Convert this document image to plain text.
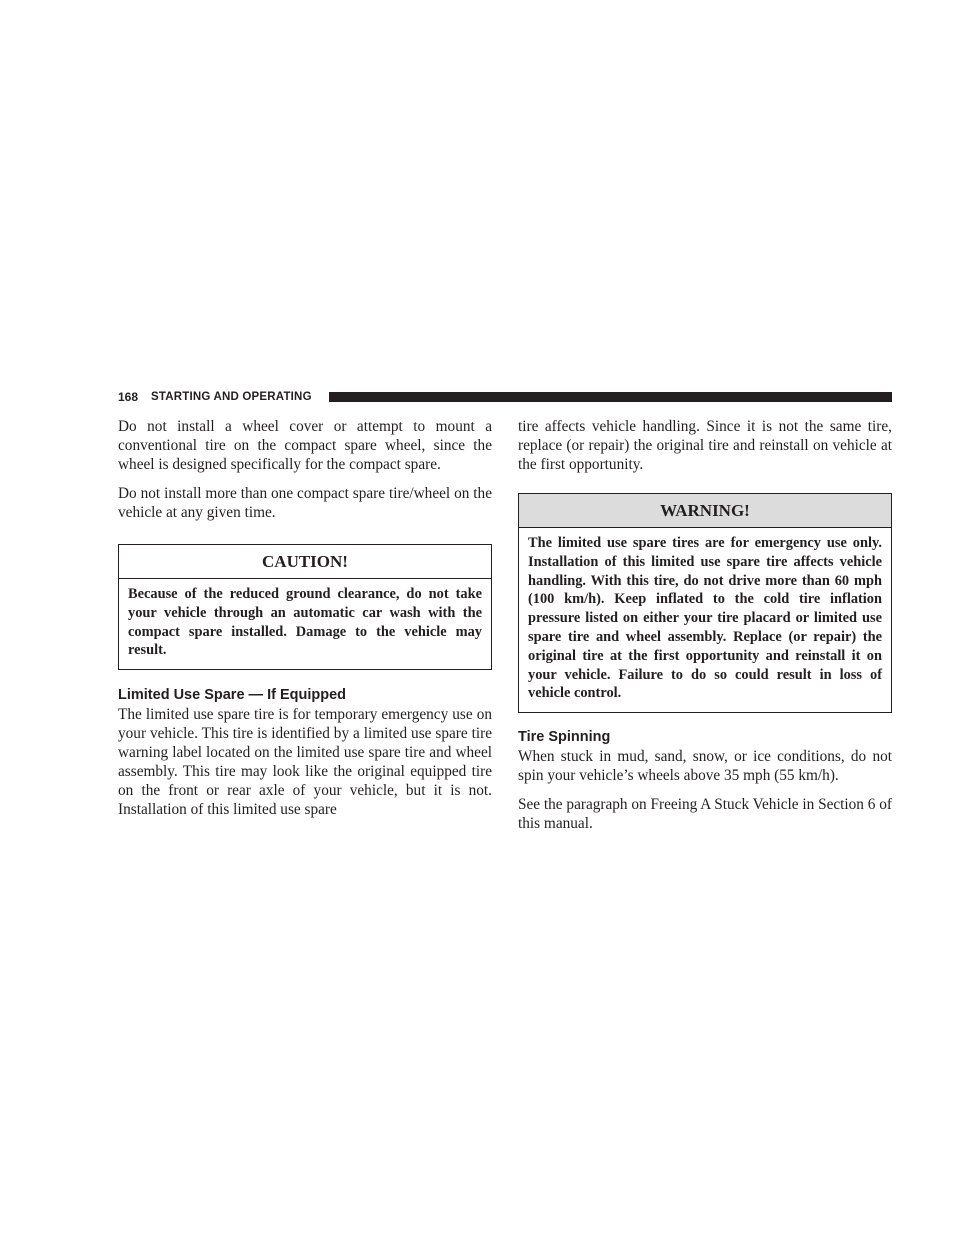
168 STARTING AND OPERATING

Do not install a wheel cover or attempt to mount a conventional tire on the compact spare wheel, since the wheel is designed specifically for the compact spare.

Do not install more than one compact spare tire/wheel on the vehicle at any given time.

CAUTION!
Because of the reduced ground clearance, do not take your vehicle through an automatic car wash with the compact spare installed. Damage to the vehicle may result.

Limited Use Spare — If Equipped

The limited use spare tire is for temporary emergency use on your vehicle. This tire is identified by a limited use spare tire warning label located on the limited use spare tire and wheel assembly. This tire may look like the original equipped tire on the front or rear axle of your vehicle, but it is not. Installation of this limited use spare

tire affects vehicle handling. Since it is not the same tire, replace (or repair) the original tire and reinstall on vehicle at the first opportunity.

WARNING!
The limited use spare tires are for emergency use only. Installation of this limited use spare tire affects vehicle handling. With this tire, do not drive more than 60 mph (100 km/h). Keep inflated to the cold tire inflation pressure listed on either your tire placard or limited use spare tire and wheel assembly. Replace (or repair) the original tire at the first opportunity and reinstall it on your vehicle. Failure to do so could result in loss of vehicle control.

Tire Spinning

When stuck in mud, sand, snow, or ice conditions, do not spin your vehicle’s wheels above 35 mph (55 km/h).

See the paragraph on Freeing A Stuck Vehicle in Section 6 of this manual.
